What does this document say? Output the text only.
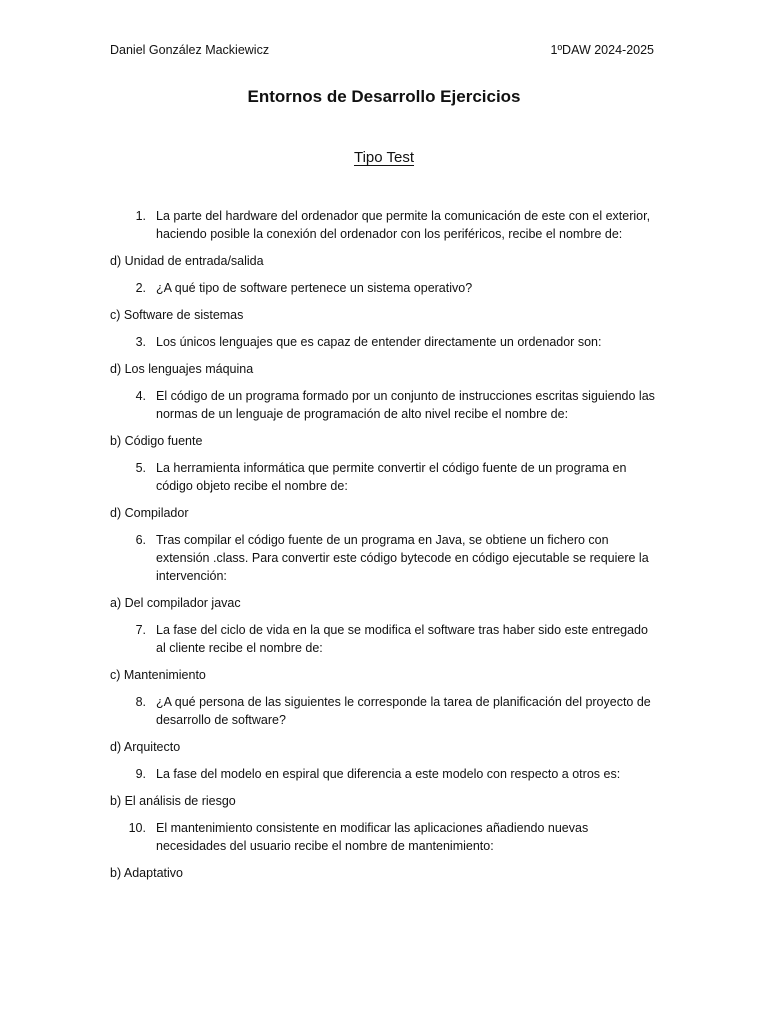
Daniel González Mackiewicz	1ºDAW 2024-2025
Entornos de Desarrollo Ejercicios
Tipo Test
1. La parte del hardware del ordenador que permite la comunicación de este con el exterior, haciendo posible la conexión del ordenador con los periféricos, recibe el nombre de:
d) Unidad de entrada/salida
2. ¿A qué tipo de software pertenece un sistema operativo?
c) Software de sistemas
3. Los únicos lenguajes que es capaz de entender directamente un ordenador son:
d) Los lenguajes máquina
4. El código de un programa formado por un conjunto de instrucciones escritas siguiendo las normas de un lenguaje de programación de alto nivel recibe el nombre de:
b) Código fuente
5. La herramienta informática que permite convertir el código fuente de un programa en código objeto recibe el nombre de:
d) Compilador
6. Tras compilar el código fuente de un programa en Java, se obtiene un fichero con extensión .class. Para convertir este código bytecode en código ejecutable se requiere la intervención:
a) Del compilador javac
7. La fase del ciclo de vida en la que se modifica el software tras haber sido este entregado al cliente recibe el nombre de:
c) Mantenimiento
8. ¿A qué persona de las siguientes le corresponde la tarea de planificación del proyecto de desarrollo de software?
d) Arquitecto
9. La fase del modelo en espiral que diferencia a este modelo con respecto a otros es:
b) El análisis de riesgo
10. El mantenimiento consistente en modificar las aplicaciones añadiendo nuevas necesidades del usuario recibe el nombre de mantenimiento:
b) Adaptativo
